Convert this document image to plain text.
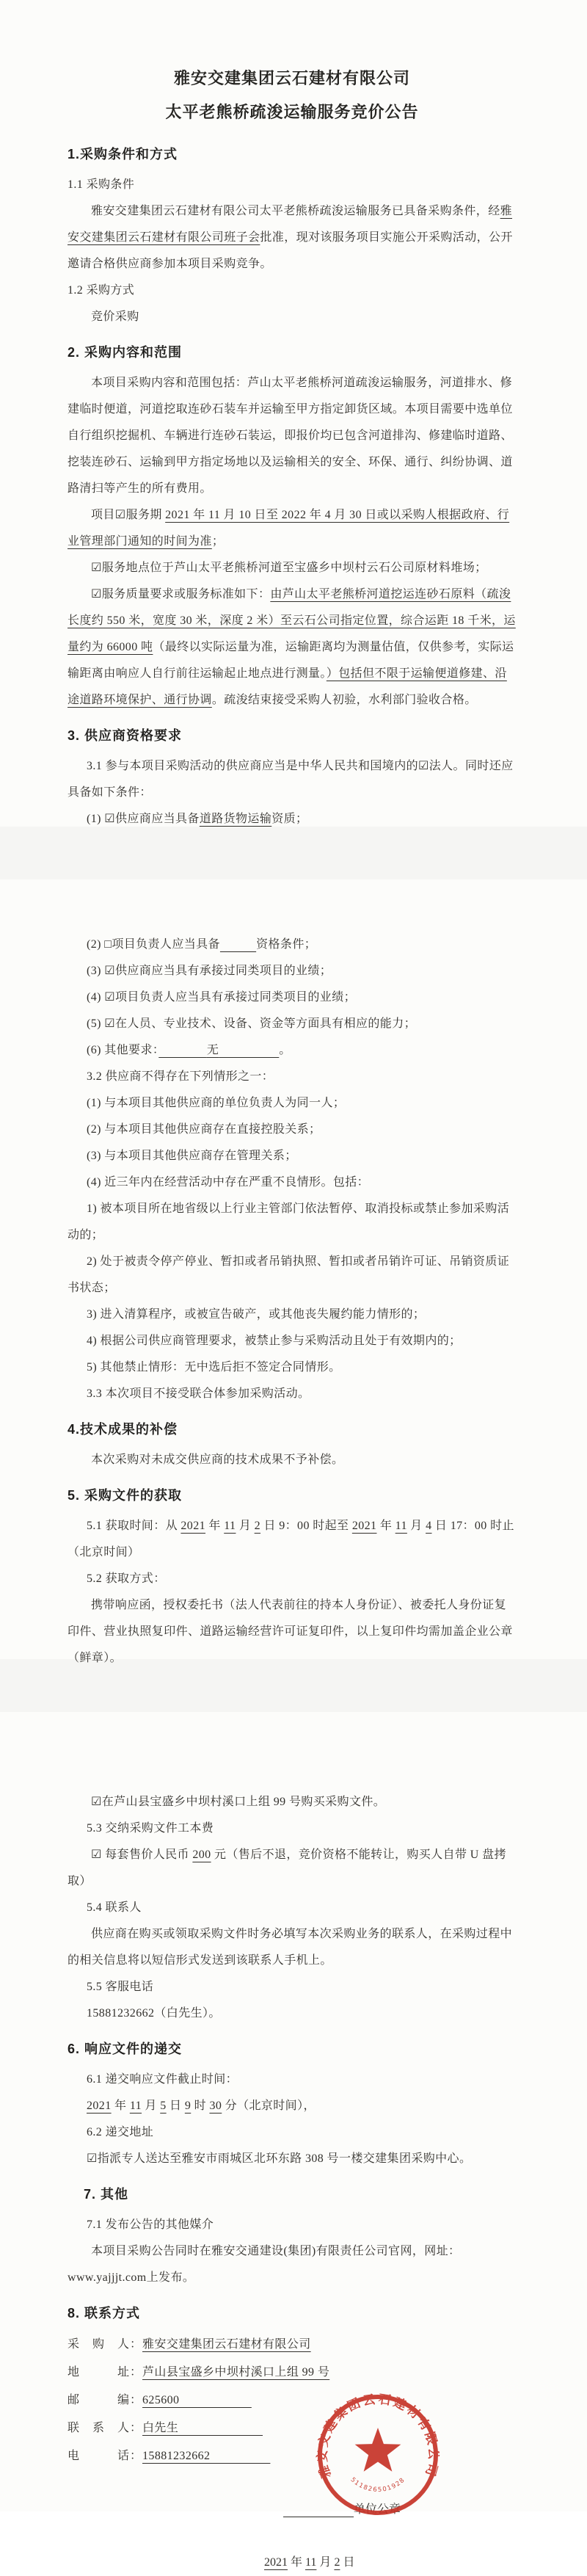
雅安交建集团云石建材有限公司
太平老熊桥疏浚运输服务竞价公告
1.采购条件和方式
1.1 采购条件
雅安交建集团云石建材有限公司太平老熊桥疏浚运输服务已具备采购条件，经雅安交建集团云石建材有限公司班子会批准，现对该服务项目实施公开采购活动，公开邀请合格供应商参加本项目采购竞争。
1.2 采购方式
竞价采购
2. 采购内容和范围
本项目采购内容和范围包括：芦山太平老熊桥河道疏浚运输服务，河道排水、修建临时便道，河道挖取连砂石装车并运输至甲方指定卸货区域。本项目需要中选单位自行组织挖掘机、车辆进行连砂石装运，即报价均已包含河道排沟、修建临时道路、挖装连砂石、运输到甲方指定场地以及运输相关的安全、环保、通行、纠纷协调、道路清扫等产生的所有费用。
项目☑服务期 2021 年 11 月 10 日至 2022 年 4 月 30 日或以采购人根据政府、行业管理部门通知的时间为准；
☑服务地点位于芦山太平老熊桥河道至宝盛乡中坝村云石公司原材料堆场；
☑服务质量要求或服务标准如下：由芦山太平老熊桥河道挖运连砂石原料（疏浚长度约 550 米，宽度 30 米，深度 2 米）至云石公司指定位置，综合运距 18 千米，运量约为 66000 吨（最终以实际运量为准，运输距离均为测量估值，仅供参考，实际运输距离由响应人自行前往运输起止地点进行测量。）包括但不限于运输便道修建、沿途道路环境保护、通行协调。疏浚结束接受采购人初验，水利部门验收合格。
3. 供应商资格要求
3.1 参与本项目采购活动的供应商应当是中华人民共和国境内的☑法人。同时还应具备如下条件：
(1) ☑供应商应当具备道路货物运输资质；
(2) □项目负责人应当具备　　　	资格条件；
(3) ☑供应商应当具有承接过同类项目的业绩；
(4) ☑项目负责人应当具有承接过同类项目的业绩；
(5) ☑在人员、专业技术、设备、资金等方面具有相应的能力；
(6) 其他要求：　　　　	无　　　　　	。
3.2 供应商不得存在下列情形之一：
(1) 与本项目其他供应商的单位负责人为同一人；
(2) 与本项目其他供应商存在直接控股关系；
(3) 与本项目其他供应商存在管理关系；
(4) 近三年内在经营活动中存在严重不良情形。包括：
1) 被本项目所在地省级以上行业主管部门依法暂停、取消投标或禁止参加采购活动的；
2) 处于被责令停产停业、暂扣或者吊销执照、暂扣或者吊销许可证、吊销资质证书状态；
3) 进入清算程序，或被宣告破产，或其他丧失履约能力情形的；
4) 根据公司供应商管理要求，被禁止参与采购活动且处于有效期内的；
5) 其他禁止情形：无中选后拒不签定合同情形。
3.3 本次项目不接受联合体参加采购活动。
4.技术成果的补偿
本次采购对未成交供应商的技术成果不予补偿。
5. 采购文件的获取
5.1 获取时间：从 2021 年 11 月 2 日 9：00 时起至 2021 年 11 月 4 日 17：00 时止（北京时间）
5.2 获取方式：
携带响应函，授权委托书（法人代表前往的持本人身份证）、被委托人身份证复印件、营业执照复印件、道路运输经营许可证复印件，以上复印件均需加盖企业公章（鲜章）。
☑在芦山县宝盛乡中坝村溪口上组 99 号购买采购文件。
5.3 交纳采购文件工本费
☑ 每套售价人民币 200 元（售后不退，竞价资格不能转让，购买人自带 U 盘拷取）
5.4 联系人
供应商在购买或领取采购文件时务必填写本次采购业务的联系人，在采购过程中的相关信息将以短信形式发送到该联系人手机上。
5.5 客服电话
15881232662（白先生）。
6. 响应文件的递交
6.1 递交响应文件截止时间：
2021 年 11 月 5 日 9 时 30 分（北京时间），
6.2 递交地址
☑指派专人送达至雅安市雨城区北环东路 308 号一楼交建集团采购中心。
7. 其他
7.1 发布公告的其他媒介
本项目采购公告同时在雅安交通建设(集团)有限责任公司官网，网址：www.yajjjt.com上发布。
8. 联系方式
采　购　人：雅安交建集团云石建材有限公司
地　　　址：芦山县宝盛乡中坝村溪口上组 99 号
邮　　　编：625600　　　　　　
联　系　人：白先生　　　　　　　
电　　　话：15881232662　　　　　

　　　　　　单位公章

2021 年 11 月 2 日
雅安交建集团云石建材有限公司
511826501928
